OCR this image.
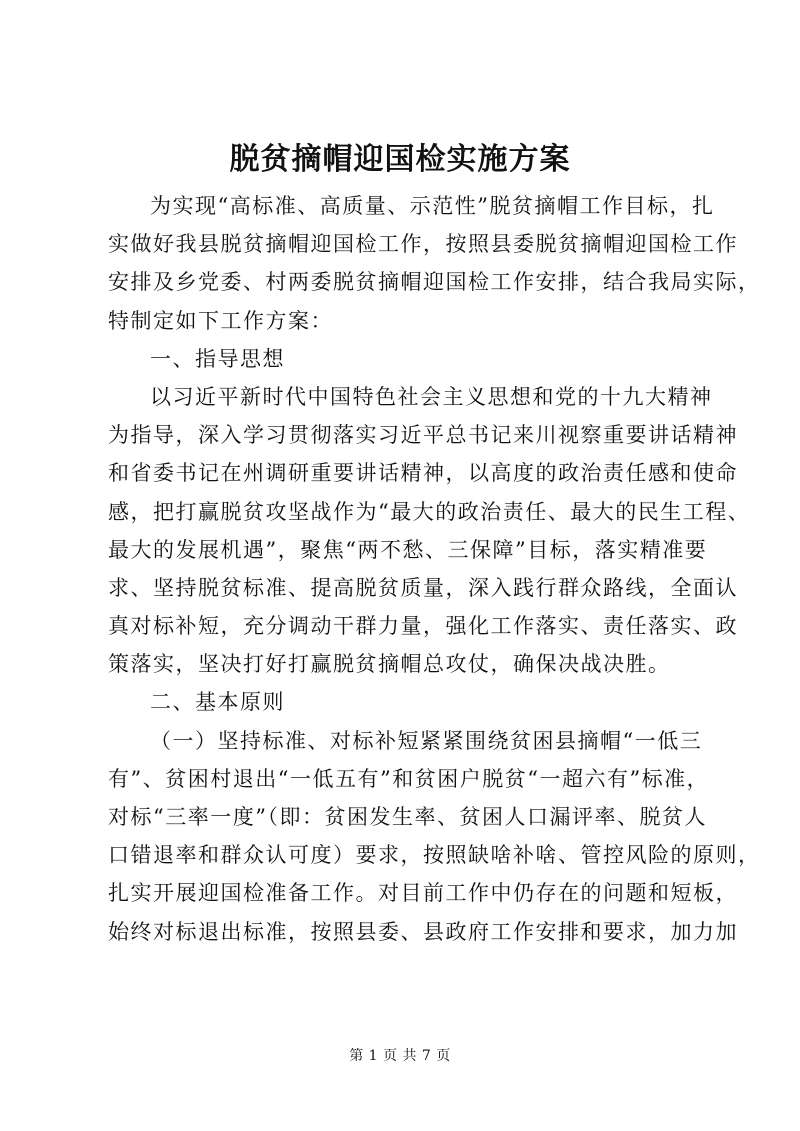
脱贫摘帽迎国检实施方案
为实现“高标准、高质量、示范性”脱贫摘帽工作目标，扎
实做好我县脱贫摘帽迎国检工作，按照县委脱贫摘帽迎国检工作
安排及乡党委、村两委脱贫摘帽迎国检工作安排，结合我局实际，
特制定如下工作方案：
一、指导思想
以习近平新时代中国特色社会主义思想和党的十九大精神
为指导，深入学习贯彻落实习近平总书记来川视察重要讲话精神
和省委书记在州调研重要讲话精神，以高度的政治责任感和使命
感，把打赢脱贫攻坚战作为“最大的政治责任、最大的民生工程、
最大的发展机遇”，聚焦“两不愁、三保障”目标，落实精准要
求、坚持脱贫标准、提高脱贫质量，深入践行群众路线，全面认
真对标补短，充分调动干群力量，强化工作落实、责任落实、政
策落实，坚决打好打赢脱贫摘帽总攻仗，确保决战决胜。
二、基本原则
（一）坚持标准、对标补短紧紧围绕贫困县摘帽“一低三
有”、贫困村退出“一低五有”和贫困户脱贫“一超六有”标准，
对标“三率一度”（即：贫困发生率、贫困人口漏评率、脱贫人
口错退率和群众认可度）要求，按照缺啥补啥、管控风险的原则，
扎实开展迎国检准备工作。对目前工作中仍存在的问题和短板，
始终对标退出标准，按照县委、县政府工作安排和要求，加力加
第 1 页 共 7 页
